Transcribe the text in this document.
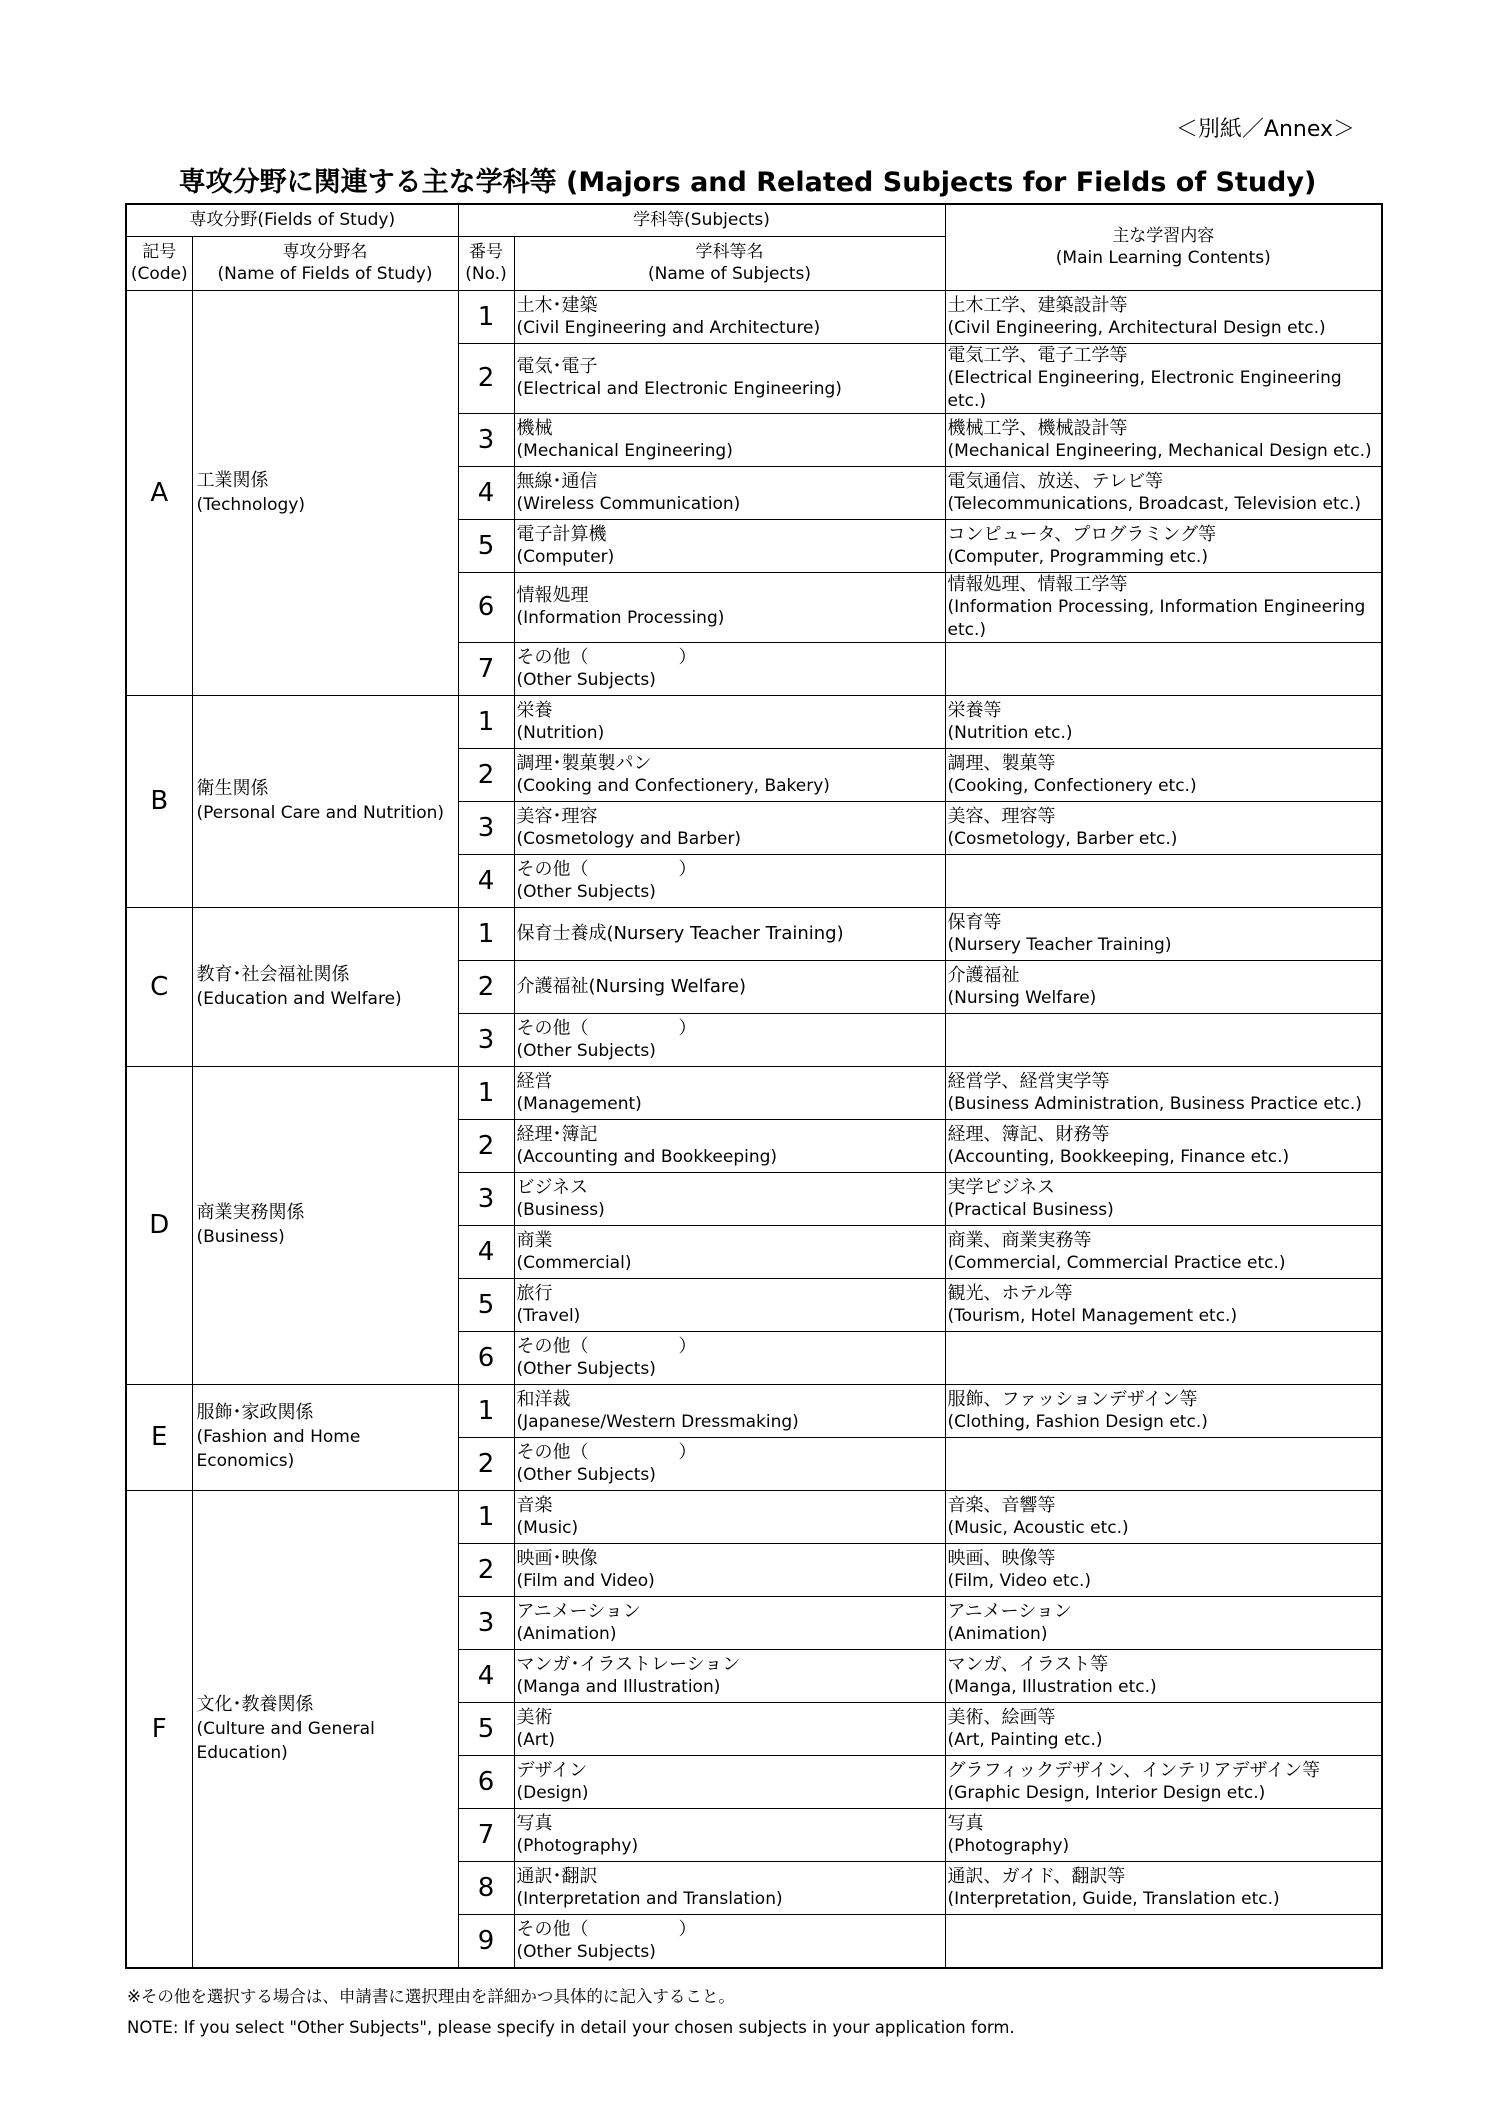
＜別紙／Annex＞
専攻分野に関連する主な学科等 (Majors and Related Subjects for Fields of Study)
専攻分野(Fields of Study)		学科等(Subjects)		主な学習内容
(Main Learning Contents)

記号
(Code)	専攻分野名
(Name of Fields of Study)	番号
(No.)	学科等名
(Name of Subjects)	

A	工業関係
(Technology)	1	土木･建築
(Civil Engineering and Architecture)	土木工学、建築設計等
(Civil Engineering, Architectural Design etc.)

		2	電気･電子
(Electrical and Electronic Engineering)	電気工学、電子工学等
(Electrical Engineering, Electronic Engineering etc.)

		3	機械
(Mechanical Engineering)	機械工学、機械設計等
(Mechanical Engineering, Mechanical Design etc.)

		4	無線･通信
(Wireless Communication)	電気通信、放送、テレビ等
(Telecommunications, Broadcast, Television etc.)

		5	電子計算機
(Computer)	コンピュータ、プログラミング等
(Computer, Programming etc.)

		6	情報処理
(Information Processing)	情報処理、情報工学等
(Information Processing, Information Engineering etc.)

		7	その他（　　　　　）
(Other Subjects)	

B	衛生関係
(Personal Care and Nutrition)	1	栄養
(Nutrition)	栄養等
(Nutrition etc.)

		2	調理･製菓製パン
(Cooking and Confectionery, Bakery)	調理、製菓等
(Cooking, Confectionery etc.)

		3	美容･理容
(Cosmetology and Barber)	美容、理容等
(Cosmetology, Barber etc.)

		4	その他（　　　　　）
(Other Subjects)	

C	教育･社会福祉関係
(Education and Welfare)	1	保育士養成(Nursery Teacher Training)	保育等
(Nursery Teacher Training)

		2	介護福祉(Nursing Welfare)	介護福祉
(Nursing Welfare)

		3	その他（　　　　　）
(Other Subjects)	

D	商業実務関係
(Business)	1	経営
(Management)	経営学、経営実学等
(Business Administration, Business Practice etc.)

		2	経理･簿記
(Accounting and Bookkeeping)	経理、簿記、財務等
(Accounting, Bookkeeping, Finance etc.)

		3	ビジネス
(Business)	実学ビジネス
(Practical Business)

		4	商業
(Commercial)	商業、商業実務等
(Commercial, Commercial Practice etc.)

		5	旅行
(Travel)	観光、ホテル等
(Tourism, Hotel Management etc.)

		6	その他（　　　　　）
(Other Subjects)	

E	服飾･家政関係
(Fashion and Home Economics)	1	和洋裁
(Japanese/Western Dressmaking)	服飾、ファッションデザイン等
(Clothing, Fashion Design etc.)

		2	その他（　　　　　）
(Other Subjects)	

F	文化･教養関係
(Culture and General Education)	1	音楽
(Music)	音楽、音響等
(Music, Acoustic etc.)

		2	映画･映像
(Film and Video)	映画、映像等
(Film, Video etc.)

		3	アニメーション
(Animation)	アニメーション
(Animation)

		4	マンガ･イラストレーション
(Manga and Illustration)	マンガ、イラスト等
(Manga, Illustration etc.)

		5	美術
(Art)	美術、絵画等
(Art, Painting etc.)

		6	デザイン
(Design)	グラフィックデザイン、インテリアデザイン等
(Graphic Design, Interior Design etc.)

		7	写真
(Photography)	写真
(Photography)

		8	通訳･翻訳
(Interpretation and Translation)	通訳、ガイド、翻訳等
(Interpretation, Guide, Translation etc.)

		9	その他（　　　　　）
(Other Subjects)	

※その他を選択する場合は、申請書に選択理由を詳細かつ具体的に記入すること。
NOTE: If you select "Other Subjects", please specify in detail your chosen subjects in your application form.
